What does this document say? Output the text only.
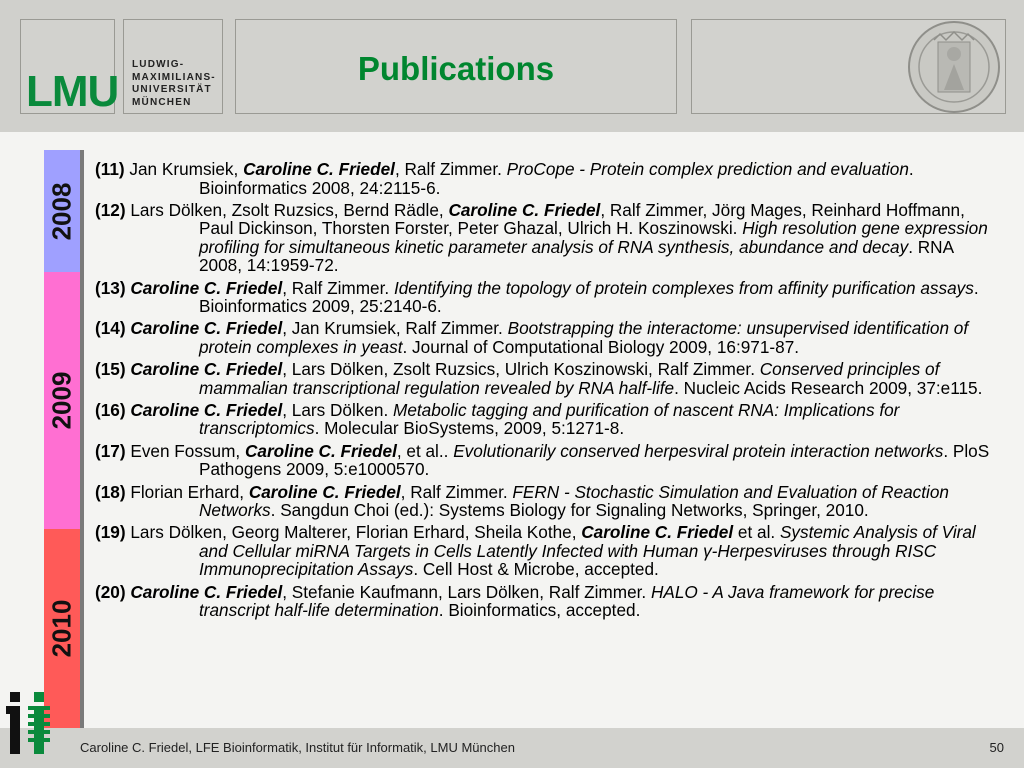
LMU
LUDWIG-
MAXIMILIANS-
UNIVERSITÄT
MÜNCHEN
Publications
2008
2009
2010

(11) Jan Krumsiek, Caroline C. Friedel, Ralf Zimmer. ProCope - Protein complex prediction and evaluation. Bioinformatics 2008, 24:2115-6.

(12) Lars Dölken, Zsolt Ruzsics, Bernd Rädle, Caroline C. Friedel, Ralf Zimmer, Jörg Mages, Reinhard Hoffmann, Paul Dickinson, Thorsten Forster, Peter Ghazal, Ulrich H. Koszinowski. High resolution gene expression profiling for simultaneous kinetic parameter analysis of RNA synthesis, abundance and decay. RNA 2008, 14:1959-72.

(13) Caroline C. Friedel, Ralf Zimmer. Identifying the topology of protein complexes from affinity purification assays. Bioinformatics 2009, 25:2140-6.

(14) Caroline C. Friedel, Jan Krumsiek, Ralf Zimmer. Bootstrapping the interactome: unsupervised identification of protein complexes in yeast. Journal of Computational Biology 2009, 16:971-87.

(15) Caroline C. Friedel, Lars Dölken, Zsolt Ruzsics, Ulrich Koszinowski, Ralf Zimmer. Conserved principles of mammalian transcriptional regulation revealed by RNA half-life. Nucleic Acids Research 2009, 37:e115.

(16) Caroline C. Friedel, Lars Dölken. Metabolic tagging and purification of nascent RNA: Implications for transcriptomics. Molecular BioSystems, 2009, 5:1271-8.

(17) Even Fossum, Caroline C. Friedel, et al.. Evolutionarily conserved herpesviral protein interaction networks. PloS Pathogens 2009, 5:e1000570.

(18) Florian Erhard, Caroline C. Friedel, Ralf Zimmer. FERN - Stochastic Simulation and Evaluation of Reaction Networks. Sangdun Choi (ed.): Systems Biology for Signaling Networks, Springer, 2010.

(19) Lars Dölken, Georg Malterer, Florian Erhard, Sheila Kothe, Caroline C. Friedel et al. Systemic Analysis of Viral and Cellular miRNA Targets in Cells Latently Infected with Human γ-Herpesviruses through RISC Immunoprecipitation Assays. Cell Host & Microbe, accepted.

(20) Caroline C. Friedel, Stefanie Kaufmann, Lars Dölken, Ralf Zimmer. HALO - A Java framework for precise transcript half-life determination. Bioinformatics, accepted.

Caroline C. Friedel, LFE Bioinformatik, Institut für Informatik, LMU München	50
